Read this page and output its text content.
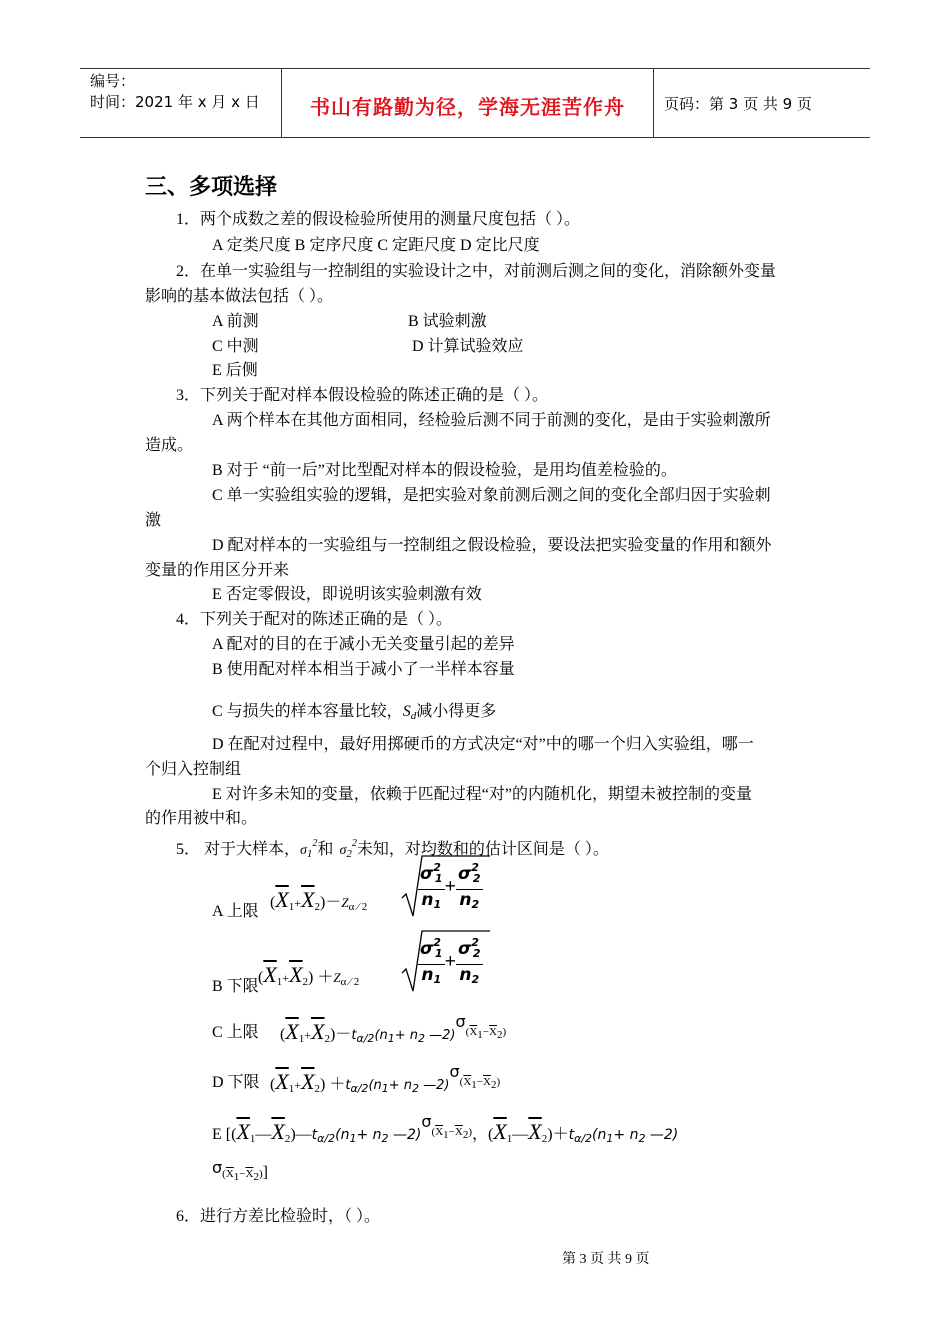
编号：
时间：2021 年 x 月 x 日	书山有路勤为径，学海无涯苦作舟	页码：第 3 页 共 9 页
三、多项选择
1．两个成数之差的假设检验所使用的测量尺度包括（ ）。
A 定类尺度 B 定序尺度 C 定距尺度 D 定比尺度
2．在单一实验组与一控制组的实验设计之中，对前测后测之间的变化，消除额外变量
影响的基本做法包括（ ）。
A 前测	B 试验刺激
C 中测	D 计算试验效应
E 后侧
3．下列关于配对样本假设检验的陈述正确的是（ ）。
A 两个样本在其他方面相同，经检验后测不同于前测的变化，是由于实验刺激所
造成。
B 对于 “前一后”对比型配对样本的假设检验，是用均值差检验的。
C 单一实验组实验的逻辑，是把实验对象前测后测之间的变化全部归因于实验刺
激
D 配对样本的一实验组与一控制组之假设检验，要设法把实验变量的作用和额外
变量的作用区分开来
E 否定零假设，即说明该实验刺激有效
4．下列关于配对的陈述正确的是（ ）。
A 配对的目的在于减小无关变量引起的差异
B 使用配对样本相当于减小了一半样本容量
C 与损失的样本容量比较，$S_d$减小得更多
D 在配对过程中，最好用掷硬币的方式决定“对”中的哪一个归入实验组，哪一
个归入控制组
E 对许多未知的变量，依赖于匹配过程“对”的内随机化，期望未被控制的变量
的作用被中和。
5． 对于大样本，$\sigma_1^2$和 $\sigma_2^2$未知，对均数和的估计区间是（ ）。
A 上限
$(\overline{X}_1+\overline{X}_2)-Z_{\alpha ⁄ 2}$	$\frac{\sigma^2_1}{n_1} + \frac{\sigma^2_2}{n_2}$
B 下限
$(\overline{X}_1+\overline{X}_2) +Z_{\alpha ⁄ 2}$	$\frac{\sigma^2_1}{n_1} + \frac{\sigma^2_2}{n_2}$
C 上限 $(\overline{X}_1+\overline{X}_2)-t_{\alpha/2}(n_1+ n_2$ $—2)\sigma^{(\overline{X}1-\overline{X}2)}$
D 下限 $(\overline{X}_1+\overline{X}_2) +t_{\alpha/2}(n_1+ n_2$ $—2)\sigma^{(\overline{X}1-\overline{X}2)}$
E [$(\overline{X}_1—\overline{X}_2)—t_{\alpha/2}(n_1+ n_2$ $—2)\sigma^{(\overline{X}1-\overline{X}2)}$，$(\overline{X}_1—\overline{X}_2)+t_{\alpha/2}(n_1+ n_2$ —2)
$\sigma(\overline{X}1-\overline{X}2)$]
6．进行方差比检验时，（ ）。
第 3 页 共 9 页
